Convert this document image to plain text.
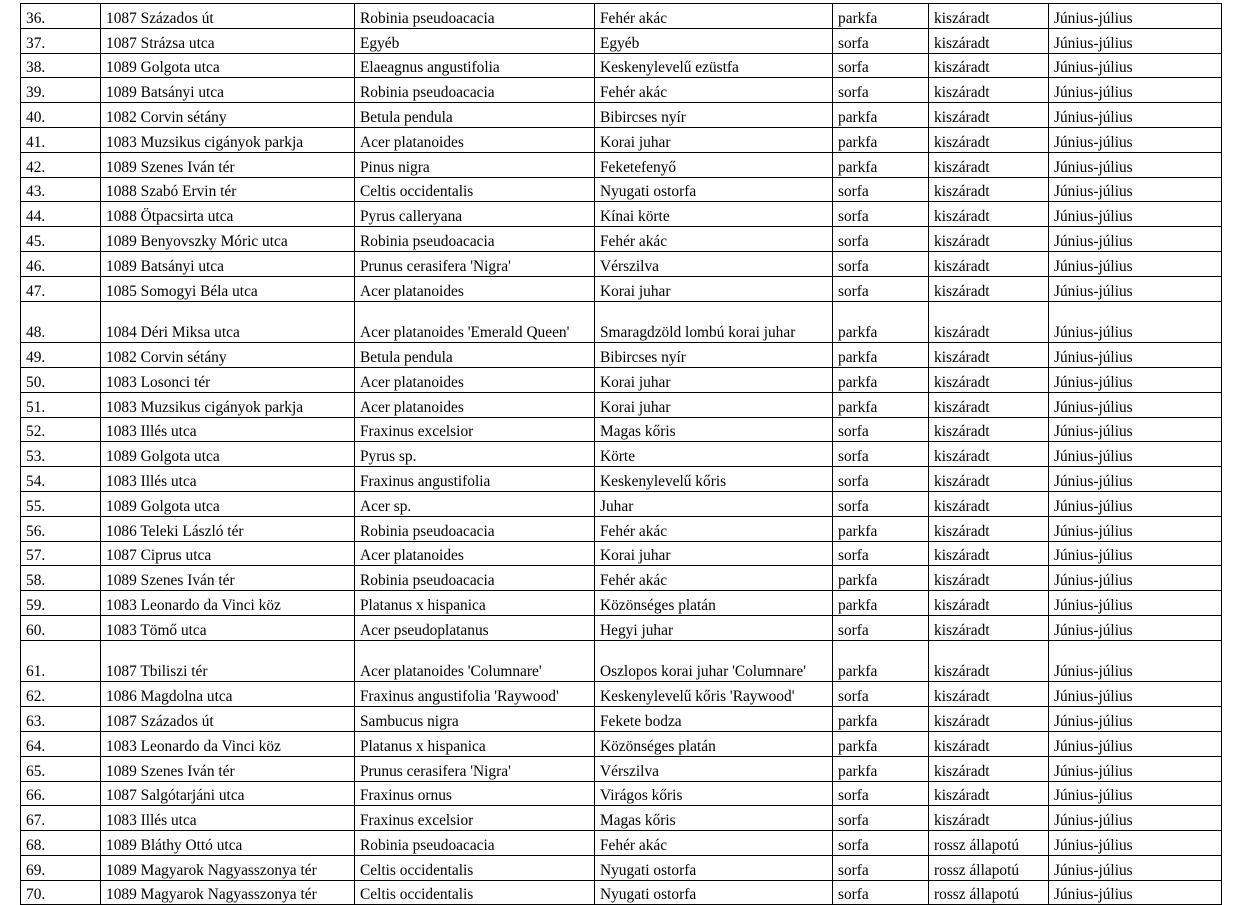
36.	1087 Százados út	Robinia pseudoacacia	Fehér akác	parkfa	kiszáradt	Június-július
37.	1087 Strázsa utca	Egyéb	Egyéb	sorfa	kiszáradt	Június-július
38.	1089 Golgota utca	Elaeagnus angustifolia	Keskenylevelű ezüstfa	sorfa	kiszáradt	Június-július
39.	1089 Batsányi utca	Robinia pseudoacacia	Fehér akác	sorfa	kiszáradt	Június-július
40.	1082 Corvin sétány	Betula pendula	Bibircses nyír	parkfa	kiszáradt	Június-július
41.	1083 Muzsikus cigányok parkja	Acer platanoides	Korai juhar	parkfa	kiszáradt	Június-július
42.	1089 Szenes Iván tér	Pinus nigra	Feketefenyő	parkfa	kiszáradt	Június-július
43.	1088 Szabó Ervin tér	Celtis occidentalis	Nyugati ostorfa	sorfa	kiszáradt	Június-július
44.	1088 Ötpacsirta utca	Pyrus calleryana	Kínai körte	sorfa	kiszáradt	Június-július
45.	1089 Benyovszky Móric utca	Robinia pseudoacacia	Fehér akác	sorfa	kiszáradt	Június-július
46.	1089 Batsányi utca	Prunus cerasifera 'Nigra'	Vérszilva	sorfa	kiszáradt	Június-július
47.	1085 Somogyi Béla utca	Acer platanoides	Korai juhar	sorfa	kiszáradt	Június-július
48.	1084 Déri Miksa utca	Acer platanoides 'Emerald Queen'	Smaragdzöld lombú korai juhar	parkfa	kiszáradt	Június-július
49.	1082 Corvin sétány	Betula pendula	Bibircses nyír	parkfa	kiszáradt	Június-július
50.	1083 Losonci tér	Acer platanoides	Korai juhar	parkfa	kiszáradt	Június-július
51.	1083 Muzsikus cigányok parkja	Acer platanoides	Korai juhar	parkfa	kiszáradt	Június-július
52.	1083 Illés utca	Fraxinus excelsior	Magas kőris	sorfa	kiszáradt	Június-július
53.	1089 Golgota utca	Pyrus sp.	Körte	sorfa	kiszáradt	Június-július
54.	1083 Illés utca	Fraxinus angustifolia	Keskenylevelű kőris	sorfa	kiszáradt	Június-július
55.	1089 Golgota utca	Acer sp.	Juhar	sorfa	kiszáradt	Június-július
56.	1086 Teleki László tér	Robinia pseudoacacia	Fehér akác	parkfa	kiszáradt	Június-július
57.	1087 Ciprus utca	Acer platanoides	Korai juhar	sorfa	kiszáradt	Június-július
58.	1089 Szenes Iván tér	Robinia pseudoacacia	Fehér akác	parkfa	kiszáradt	Június-július
59.	1083 Leonardo da Vinci köz	Platanus x hispanica	Közönséges platán	parkfa	kiszáradt	Június-július
60.	1083 Tömő utca	Acer pseudoplatanus	Hegyi juhar	sorfa	kiszáradt	Június-július
61.	1087 Tbiliszi tér	Acer platanoides 'Columnare'	Oszlopos korai juhar 'Columnare'	parkfa	kiszáradt	Június-július
62.	1086 Magdolna utca	Fraxinus angustifolia 'Raywood'	Keskenylevelű kőris 'Raywood'	sorfa	kiszáradt	Június-július
63.	1087 Százados út	Sambucus nigra	Fekete bodza	parkfa	kiszáradt	Június-július
64.	1083 Leonardo da Vinci köz	Platanus x hispanica	Közönséges platán	parkfa	kiszáradt	Június-július
65.	1089 Szenes Iván tér	Prunus cerasifera 'Nigra'	Vérszilva	parkfa	kiszáradt	Június-július
66.	1087 Salgótarjáni utca	Fraxinus ornus	Virágos kőris	sorfa	kiszáradt	Június-július
67.	1083 Illés utca	Fraxinus excelsior	Magas kőris	sorfa	kiszáradt	Június-július
68.	1089 Bláthy Ottó utca	Robinia pseudoacacia	Fehér akác	sorfa	rossz állapotú	Június-július
69.	1089 Magyarok Nagyasszonya tér	Celtis occidentalis	Nyugati ostorfa	sorfa	rossz állapotú	Június-július
70.	1089 Magyarok Nagyasszonya tér	Celtis occidentalis	Nyugati ostorfa	sorfa	rossz állapotú	Június-július
